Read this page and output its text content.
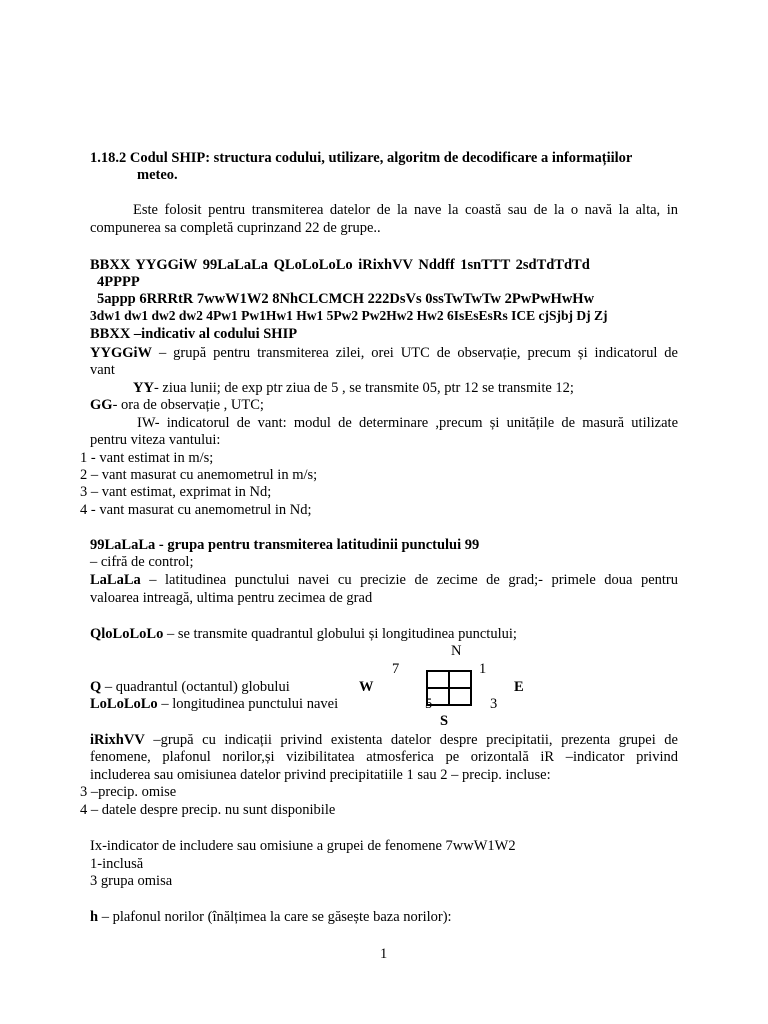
1.18.2 Codul SHIP: structura codului, utilizare, algoritm de decodificare a informațiilor
meteo.
Este folosit pentru transmiterea datelor de la nave la coastă sau de la o navă la alta, in
compunerea sa completă cuprinzand 22 de grupe..
BBXX YYGGiW 99LaLaLa QLoLoLoLo iRixhVV Nddff 1snTTT 2sdTdTdTd
4PPPP
5appp 6RRRtR 7wwW1W2 8NhCLCMCH 222DsVs 0ssTwTwTw 2PwPwHwHw
3dw1 dw1 dw2 dw2 4Pw1 Pw1Hw1 Hw1 5Pw2 Pw2Hw2 Hw2 6IsEsEsRs ICE cjSjbj Dj Zj
BBXX –indicativ al codului SHIP
YYGGiW – grupă pentru transmiterea zilei, orei UTC de observație, precum și indicatorul de
vant
YY- ziua lunii; de exp ptr ziua de 5 , se transmite 05, ptr 12 se transmite 12;
GG- ora de observație , UTC;
IW- indicatorul de vant: modul de determinare ,precum și unitățile de masură utilizate
pentru viteza vantului:
1 - vant estimat in m/s;
2 – vant masurat cu anemometrul in m/s;
3 – vant estimat, exprimat in Nd;
4 - vant masurat cu anemometrul in Nd;
99LaLaLa - grupa pentru transmiterea latitudinii punctului 99
– cifră de control;
LaLaLa – latitudinea punctului navei cu precizie de zecime de grad;- primele doua pentru
valoarea intreagă, ultima pentru zecimea de grad
QloLoLoLo – se transmite quadrantul globului și longitudinea punctului;
N
7	1
Q – quadrantul (octantul) globului	W	E
LoLoLoLo – longitudinea punctului navei	5	3
S
iRixhVV –grupă cu indicații privind existenta datelor despre precipitatii, prezenta grupei de
fenomene, plafonul norilor,și vizibilitatea atmosferica pe orizontală iR –indicator privind
includerea sau omisiunea datelor privind precipitatiile 1 sau 2 – precip. incluse:
3 –precip. omise
4 – datele despre precip. nu sunt disponibile
Ix-indicator de includere sau omisiune a grupei de fenomene 7wwW1W2
1-inclusă
3 grupa omisa
h – plafonul norilor (înălțimea la care se găsește baza norilor):
1
